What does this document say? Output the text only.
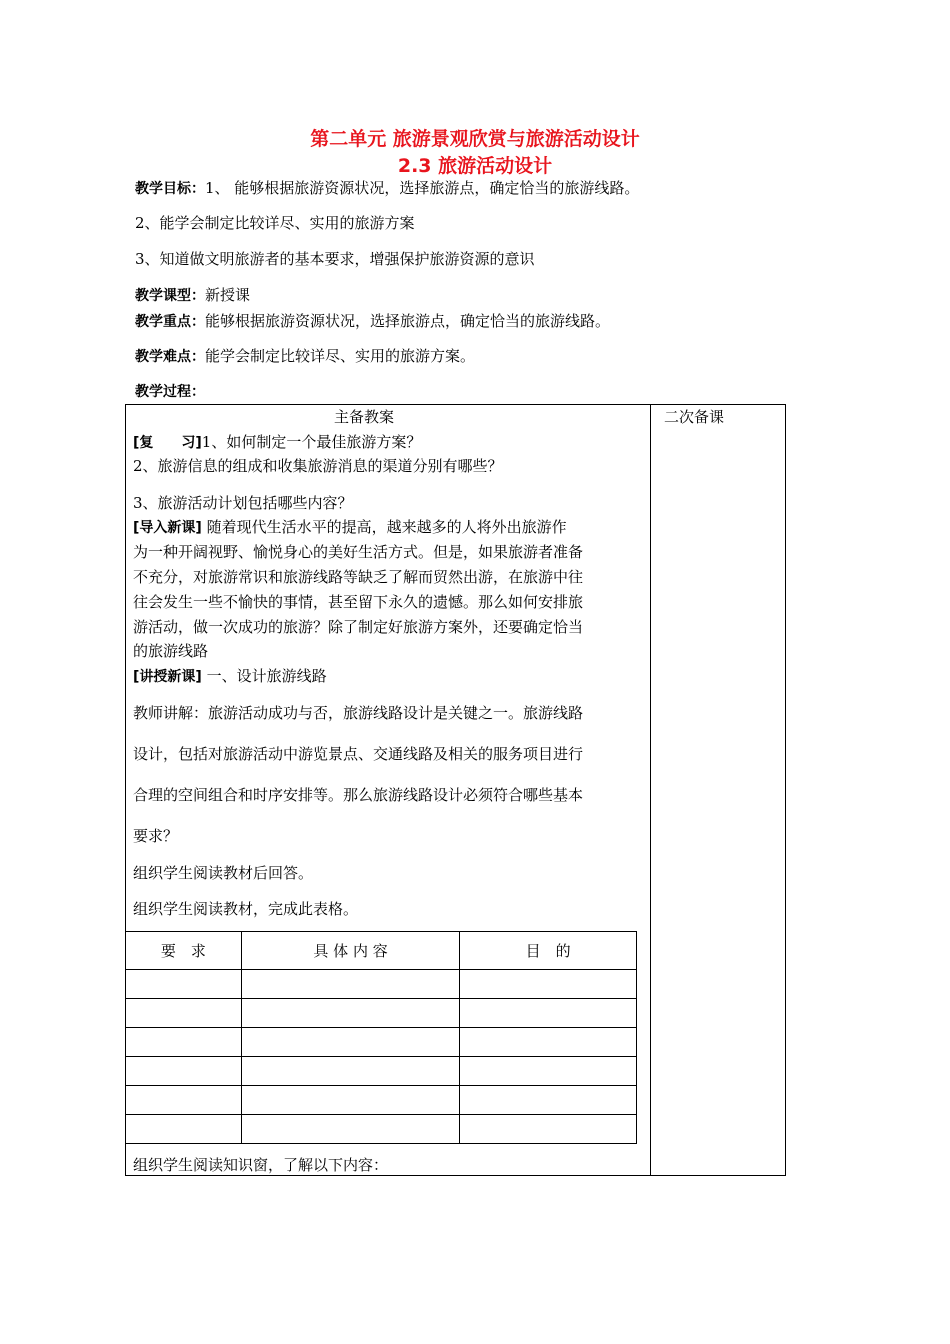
第二单元 旅游景观欣赏与旅游活动设计
2.3 旅游活动设计
教学目标：1、 能够根据旅游资源状况，选择旅游点，确定恰当的旅游线路。
2、能学会制定比较详尽、实用的旅游方案
3、知道做文明旅游者的基本要求，增强保护旅游资源的意识
教学课型：新授课
教学重点：能够根据旅游资源状况，选择旅游点，确定恰当的旅游线路。
教学难点：能学会制定比较详尽、实用的旅游方案。
教学过程：
主备教案	二次备课
[复　　习]1、如何制定一个最佳旅游方案？
2、旅游信息的组成和收集旅游消息的渠道分别有哪些？
3、旅游活动计划包括哪些内容？
[导入新课] 随着现代生活水平的提高，越来越多的人将外出旅游作
为一种开阔视野、愉悦身心的美好生活方式。但是，如果旅游者准备
不充分，对旅游常识和旅游线路等缺乏了解而贸然出游，在旅游中往
往会发生一些不愉快的事情，甚至留下永久的遗憾。那么如何安排旅
游活动，做一次成功的旅游？除了制定好旅游方案外，还要确定恰当
的旅游线路
[讲授新课] 一、设计旅游线路
教师讲解：旅游活动成功与否，旅游线路设计是关键之一。旅游线路
设计，包括对旅游活动中游览景点、交通线路及相关的服务项目进行
合理的空间组合和时序安排等。那么旅游线路设计必须符合哪些基本
要求？
组织学生阅读教材后回答。
组织学生阅读教材，完成此表格。
要　求	具 体 内 容	目　的

组织学生阅读知识窗，了解以下内容：
